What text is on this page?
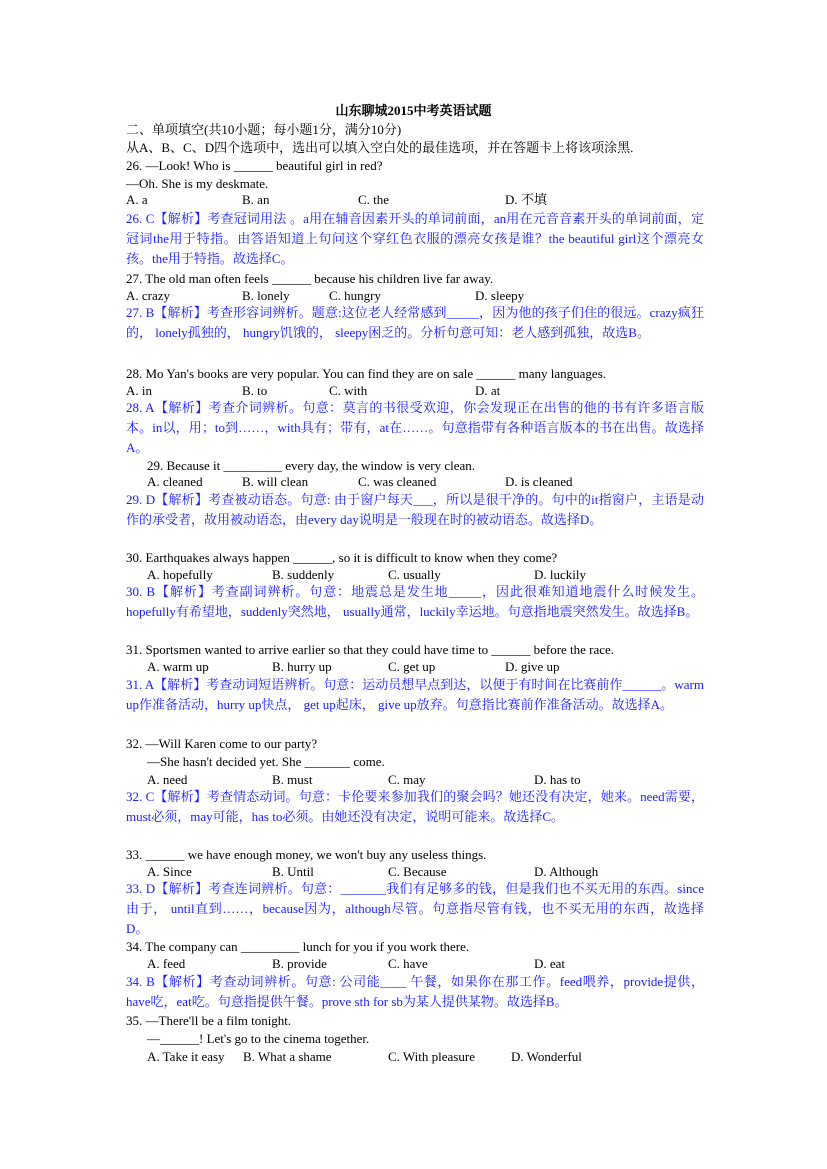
山东聊城2015中考英语试题
二、单项填空(共10小题；每小题1分，满分10分)
从A、B、C、D四个选项中，选出可以填入空白处的最佳选项，并在答题卡上将该项涂黑.
26. —Look! Who is ______ beautiful girl in red?
—Oh. She is my deskmate.
A. a	B. an	C. the	D. 不填
26. C【解析】考查冠词用法 。a用在辅音因素开头的单词前面，an用在元音音素开头的单词前面，定冠词the用于特指。由答语知道上句问这个穿红色衣服的漂亮女孩是谁？the beautiful girl这个漂亮女孩。the用于特指。故选择C。
27. The old man often feels ______ because his children live far away.
A. crazy	B. lonely	C. hungry	D. sleepy
27. B【解析】考查形容词辨析。题意:这位老人经常感到_____，因为他的孩子们住的很远。crazy疯狂的， lonely孤独的， hungry饥饿的， sleepy困乏的。分析句意可知：老人感到孤独，故选B。
28. Mo Yan's books are very popular. You can find they are on sale ______ many languages.
A. in	B. to	C. with	D. at
28. A【解析】考查介词辨析。句意：莫言的书很受欢迎，你会发现正在出售的他的书有许多语言版本。in以，用；to到……，with具有；带有，at在……。句意指带有各种语言版本的书在出售。故选择A。
29. Because it _________ every day, the window is very clean.
A. cleaned	B. will clean	C. was cleaned	D. is cleaned
29. D【解析】考查被动语态。句意: 由于窗户每天___，所以是很干净的。句中的it指窗户，主语是动作的承受者，故用被动语态，由every day说明是一般现在时的被动语态。故选择D。
30. Earthquakes always happen ______, so it is difficult to know when they come?
A. hopefully	B. suddenly	C. usually	D. luckily
30. B【解析】考查副词辨析。句意：地震总是发生地_____，因此很难知道地震什么时候发生。hopefully有希望地，suddenly突然地， usually通常，luckily幸运地。句意指地震突然发生。故选择B。
31. Sportsmen wanted to arrive earlier so that they could have time to ______ before the race.
A. warm up	B. hurry up	C. get up	D. give up
31. A【解析】考查动词短语辨析。句意：运动员想早点到达，以便于有时间在比赛前作______。warm up作准备活动，hurry up快点， get up起床， give up放弃。句意指比赛前作准备活动。故选择A。
32. —Will Karen come to our party?
—She hasn't decided yet. She _______ come.
A. need	B. must	C. may	D. has to
32. C【解析】考查情态动词。句意：卡伦要来参加我们的聚会吗？她还没有决定，她来。need需要，must必须，may可能，has to必须。由她还没有决定，说明可能来。故选择C。
33. ______ we have enough money, we won't buy any useless things.
A. Since	B. Until	C. Because	D. Although
33. D【解析】考查连词辨析。句意：_______我们有足够多的钱，但是我们也不买无用的东西。since由于， until直到……，because因为，although尽管。句意指尽管有钱，也不买无用的东西，故选择D。
34. The company can _________ lunch for you if you work there.
A. feed	B. provide	C. have	D. eat
34. B【解析】考查动词辨析。句意: 公司能____ 午餐，如果你在那工作。feed喂养，provide提供，have吃，eat吃。句意指提供午餐。prove sth for sb为某人提供某物。故选择B。
35. —There'll be a film tonight.
—______! Let's go to the cinema together.
A. Take it easy B. What a shame	C. With pleasure	D. Wonderful
